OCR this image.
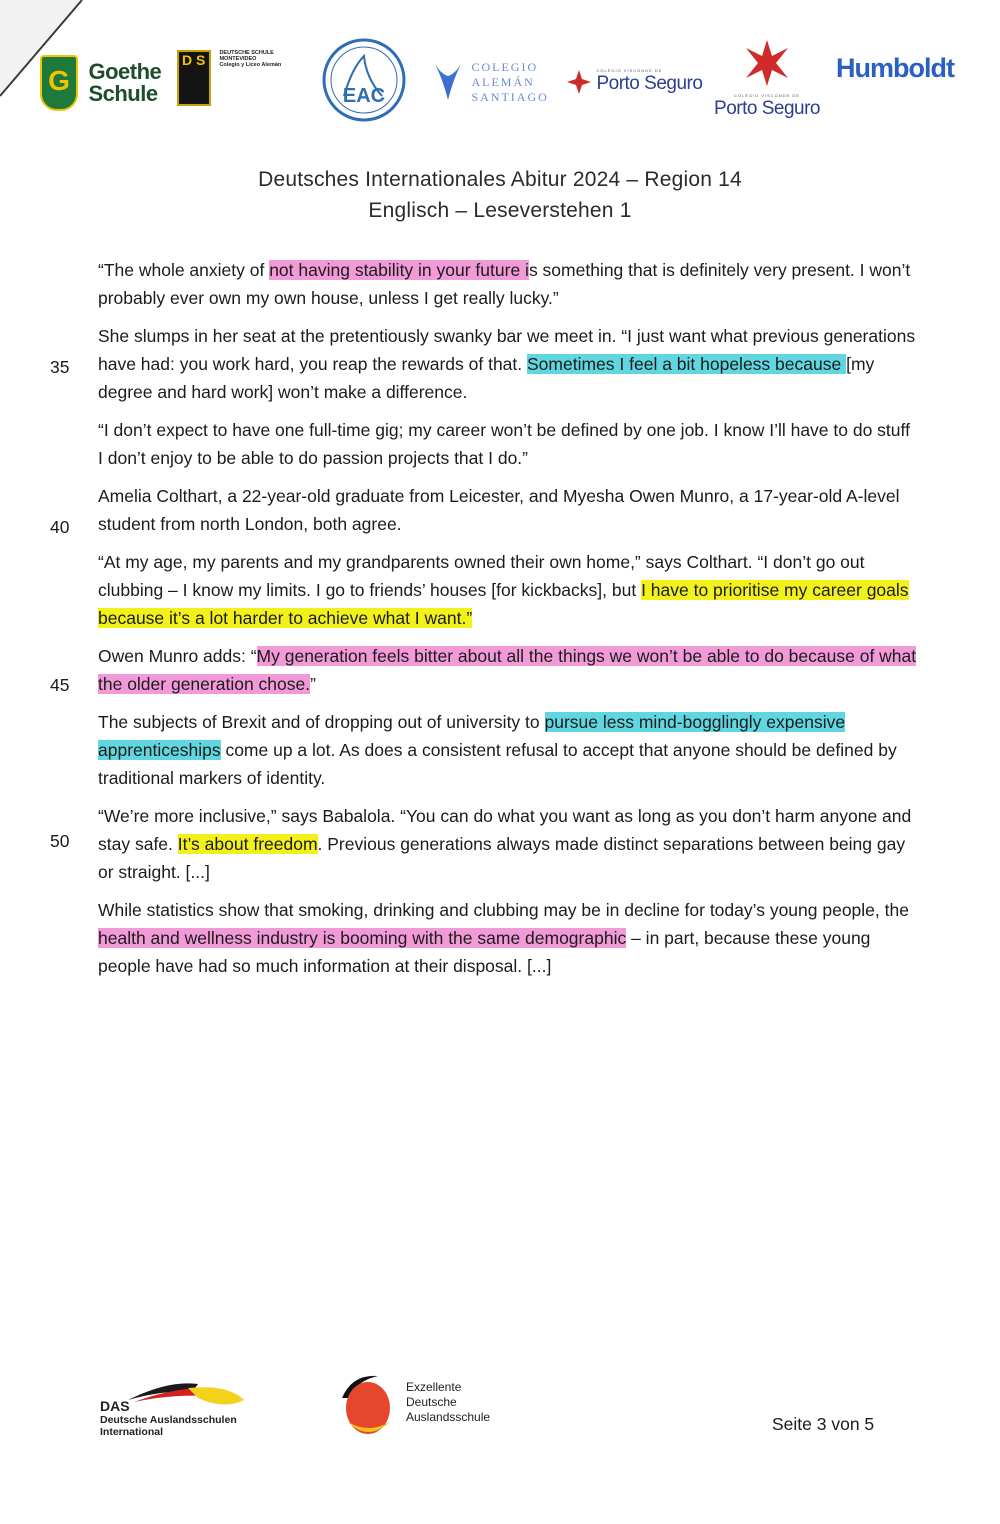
G Goethe
Schule
D S	DEUTSCHE SCHULE
MONTEVIDEO
Colegio y Liceo Alemán
EAC
COLEGIO
ALEMÁN
SANTIAGO

COLÉGIO VISCONDE DE
Porto Seguro
COLÉGIO VISCONDE DE
Porto Seguro
Humboldt
Deutsches Internationales Abitur 2024 – Region 14
Englisch – Leseverstehen 1
35
40
45
50

“The whole anxiety of not having stability in your future is something that is definitely very present. I won’t probably ever own my own house, unless I get really lucky.”

She slumps in her seat at the pretentiously swanky bar we meet in. “I just want what previous generations have had: you work hard, you reap the rewards of that. Sometimes I feel a bit hopeless because [my degree and hard work] won’t make a difference.

“I don’t expect to have one full-time gig; my career won’t be defined by one job. I know I’ll have to do stuff I don’t enjoy to be able to do passion projects that I do.”

Amelia Colthart, a 22-year-old graduate from Leicester, and Myesha Owen Munro, a 17-year-old A-level student from north London, both agree.

“At my age, my parents and my grandparents owned their own home,” says Colthart. “I don’t go out clubbing – I know my limits. I go to friends’ houses [for kickbacks], but I have to prioritise my career goals because it’s a lot harder to achieve what I want.”

Owen Munro adds: “My generation feels bitter about all the things we won’t be able to do because of what the older generation chose.”

The subjects of Brexit and of dropping out of university to pursue less mind-bogglingly expensive apprenticeships come up a lot. As does a consistent refusal to accept that anyone should be defined by traditional markers of identity.

“We’re more inclusive,” says Babalola. “You can do what you want as long as you don’t harm anyone and stay safe. It’s about freedom. Previous generations always made distinct separations between being gay or straight. [...]

While statistics show that smoking, drinking and clubbing may be in decline for today’s young people, the health and wellness industry is booming with the same demographic – in part, because these young people have had so much information at their disposal. [...]

DAS
Deutsche Auslandsschulen
International
Exzellente
Deutsche
Auslandsschule	Seite 3 von 5
